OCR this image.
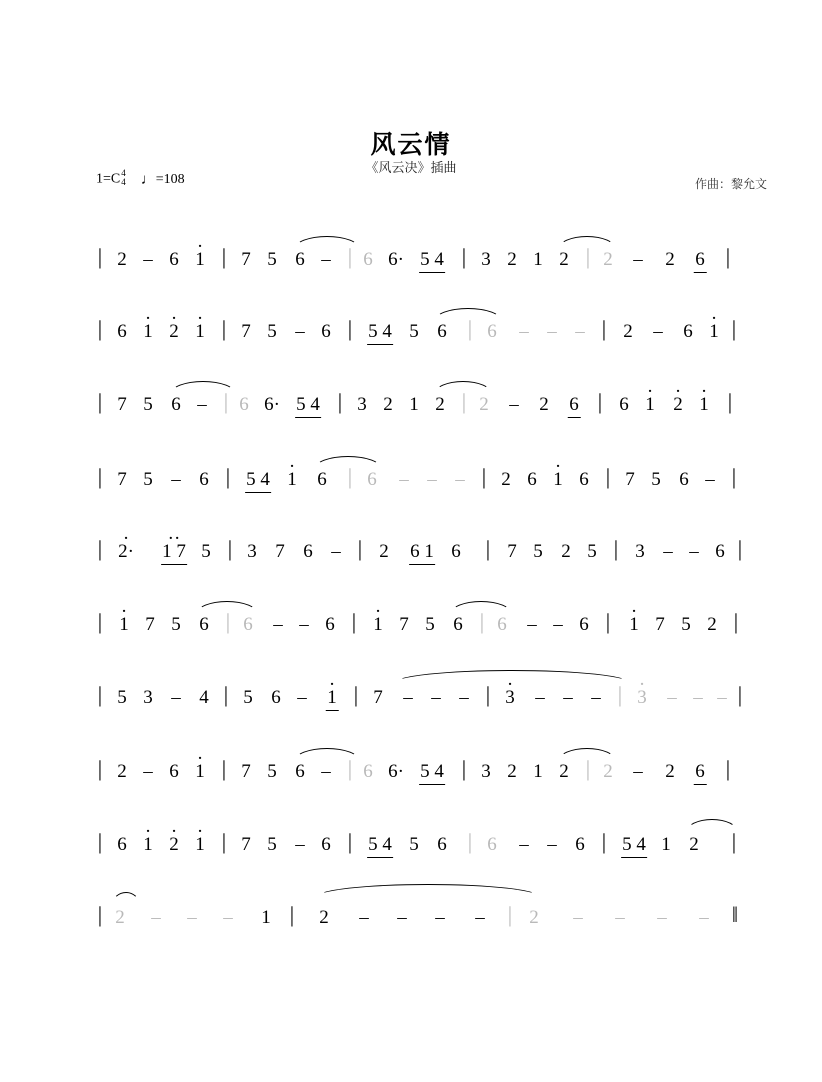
风云情
《风云决》插曲
1=C4
4 ♩=108	作曲：黎允文
| 2 – 6 · 1 | 7 5 6 – | 6 6· 5 4 | 3 2 1 2 | 2 – 2 6 |
| 6 · 1 · 2 · 1 | 7 5 – 6 | 5 4 5 6 | 6 – – – | 2 – 6 · 1 |
| 7 5 6 – | 6 6· 5 4 | 3 2 1 2 | 2 – 2 6 | 6 · 1 · 2 · 1 |
| 7 5 – 6 | 5 4 · 1 6 | 6 – – – | 2 6 · 1 6 | 7 5 6 – |
| · 2· ·· 1 7 5 | 3 7 6 – | 2 6 1 6 | 7 5 2 5 | 3 – – 6 |
| · 1 7 5 6 | 6 – – 6 | · 1 7 5 6 | 6 – – 6 | · 1 7 5 2 |
| 5 3 – 4 | 5 6 – · 1 | 7 – – – | · 3 – – – | · 3 – – – |
| 2 – 6 · 1 | 7 5 6 – | 6 6· 5 4 | 3 2 1 2 | 2 – 2 6 |
| 6 · 1 · 2 · 1 | 7 5 – 6 | 5 4 5 6 | 6 – – 6 | 5 4 1 2 |
| 2 – – – 1 | 2 – – – – | 2 – – – – ‖
